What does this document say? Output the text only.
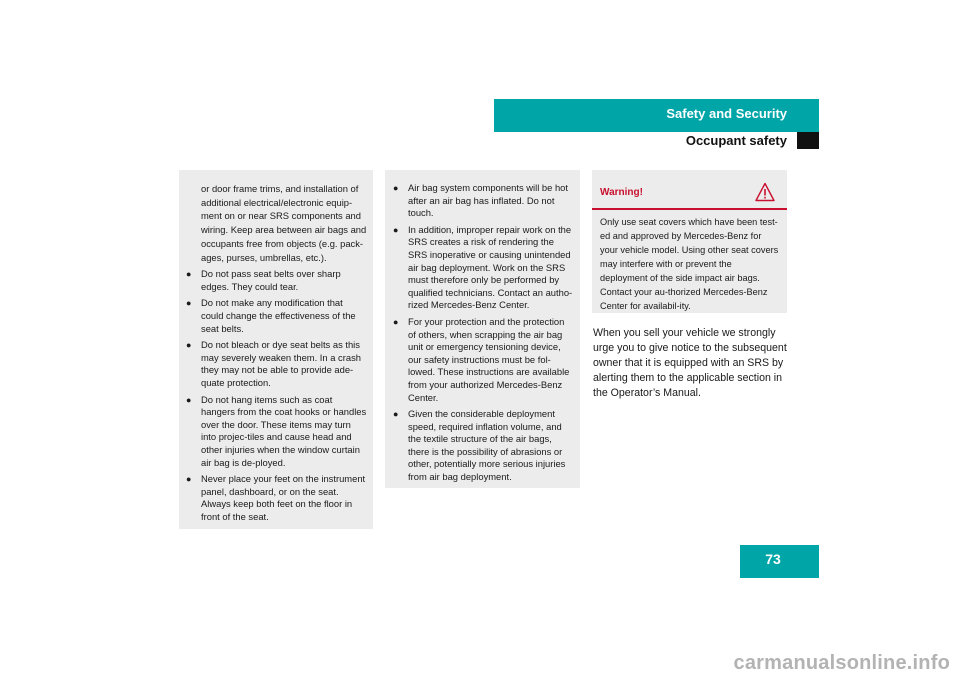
Safety and Security
Occupant safety

or door frame trims, and installation of additional electrical/electronic equip-ment on or near SRS components and wiring. Keep area between air bags and occupants free from objects (e.g. pack-ages, purses, umbrellas, etc.).

● Do not pass seat belts over sharp edges. They could tear.
● Do not make any modification that could change the effectiveness of the seat belts.
● Do not bleach or dye seat belts as this may severely weaken them. In a crash they may not be able to provide ade-quate protection.
● Do not hang items such as coat hangers from the coat hooks or handles over the door. These items may turn into projec-tiles and cause head and other injuries when the window curtain air bag is de-ployed.
● Never place your feet on the instrument panel, dashboard, or on the seat. Always keep both feet on the floor in front of the seat.
● Air bag system components will be hot after an air bag has inflated. Do not touch.
● In addition, improper repair work on the SRS creates a risk of rendering the SRS inoperative or causing unintended air bag deployment. Work on the SRS must therefore only be performed by qualified technicians. Contact an autho-rized Mercedes-Benz Center.
● For your protection and the protection of others, when scrapping the air bag unit or emergency tensioning device, our safety instructions must be fol-lowed. These instructions are available from your authorized Mercedes-Benz Center.
● Given the considerable deployment speed, required inflation volume, and the textile structure of the air bags, there is the possibility of abrasions or other, potentially more serious injuries from air bag deployment.
Warning!
Only use seat covers which have been test-ed and approved by Mercedes-Benz for your vehicle model. Using other seat covers may interfere with or prevent the deployment of the side impact air bags. Contact your au-thorized Mercedes-Benz Center for availabil-ity.

When you sell your vehicle we strongly urge you to give notice to the subsequent owner that it is equipped with an SRS by alerting them to the applicable section in the Operator’s Manual.

73
carmanualsonline.info
